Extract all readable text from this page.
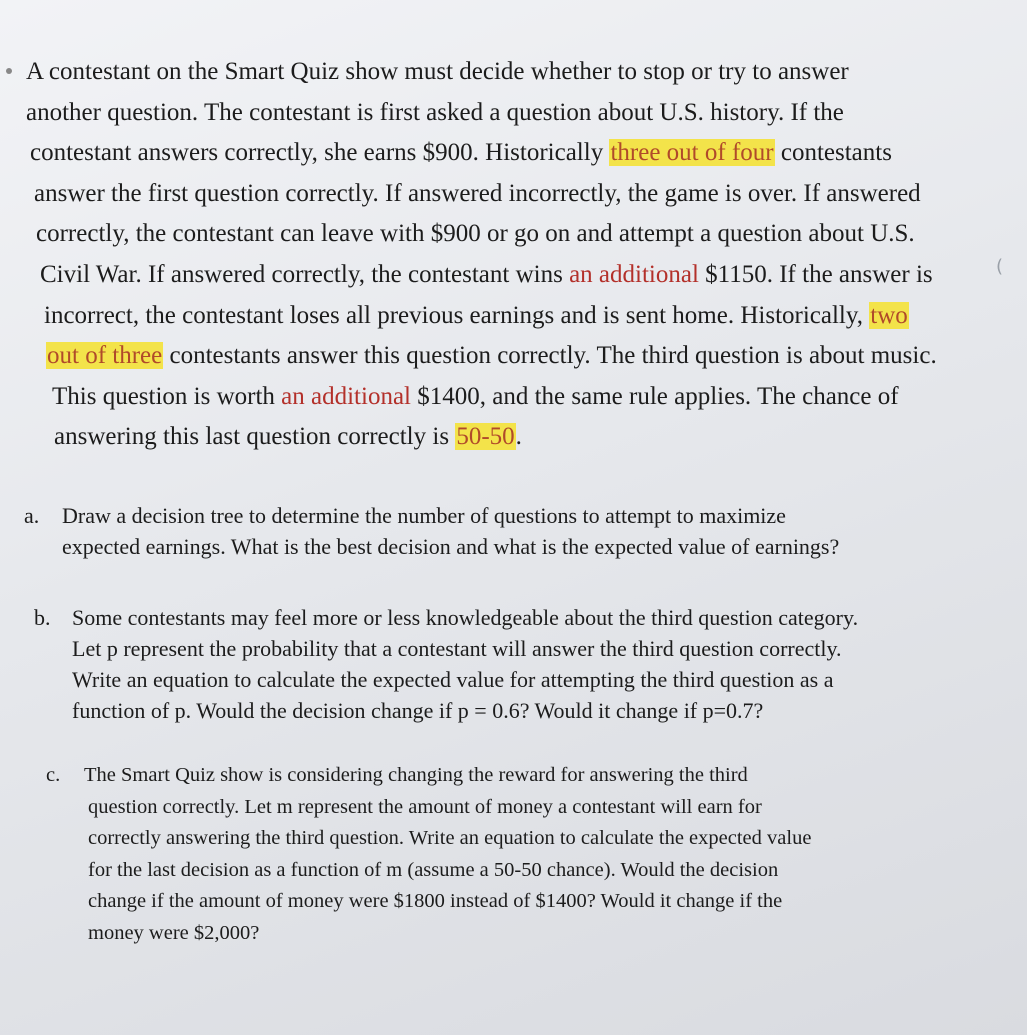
A contestant on the Smart Quiz show must decide whether to stop or try to answer
another question. The contestant is first asked a question about U.S. history. If the
contestant answers correctly, she earns $900. Historically three out of four contestants
answer the first question correctly. If answered incorrectly, the game is over. If answered
correctly, the contestant can leave with $900 or go on and attempt a question about U.S.
Civil War. If answered correctly, the contestant wins an additional $1150. If the answer is
incorrect, the contestant loses all previous earnings and is sent home. Historically, two
out of three contestants answer this question correctly. The third question is about music.
This question is worth an additional $1400, and the same rule applies. The chance of
answering this last question correctly is 50-50.
(
a. Draw a decision tree to determine the number of questions to attempt to maximize
expected earnings. What is the best decision and what is the expected value of earnings?
b. Some contestants may feel more or less knowledgeable about the third question category.
Let p represent the probability that a contestant will answer the third question correctly.
Write an equation to calculate the expected value for attempting the third question as a
function of p. Would the decision change if p = 0.6? Would it change if p=0.7?
c. The Smart Quiz show is considering changing the reward for answering the third
question correctly. Let m represent the amount of money a contestant will earn for
correctly answering the third question. Write an equation to calculate the expected value
for the last decision as a function of m (assume a 50-50 chance). Would the decision
change if the amount of money were $1800 instead of $1400? Would it change if the
money were $2,000?
